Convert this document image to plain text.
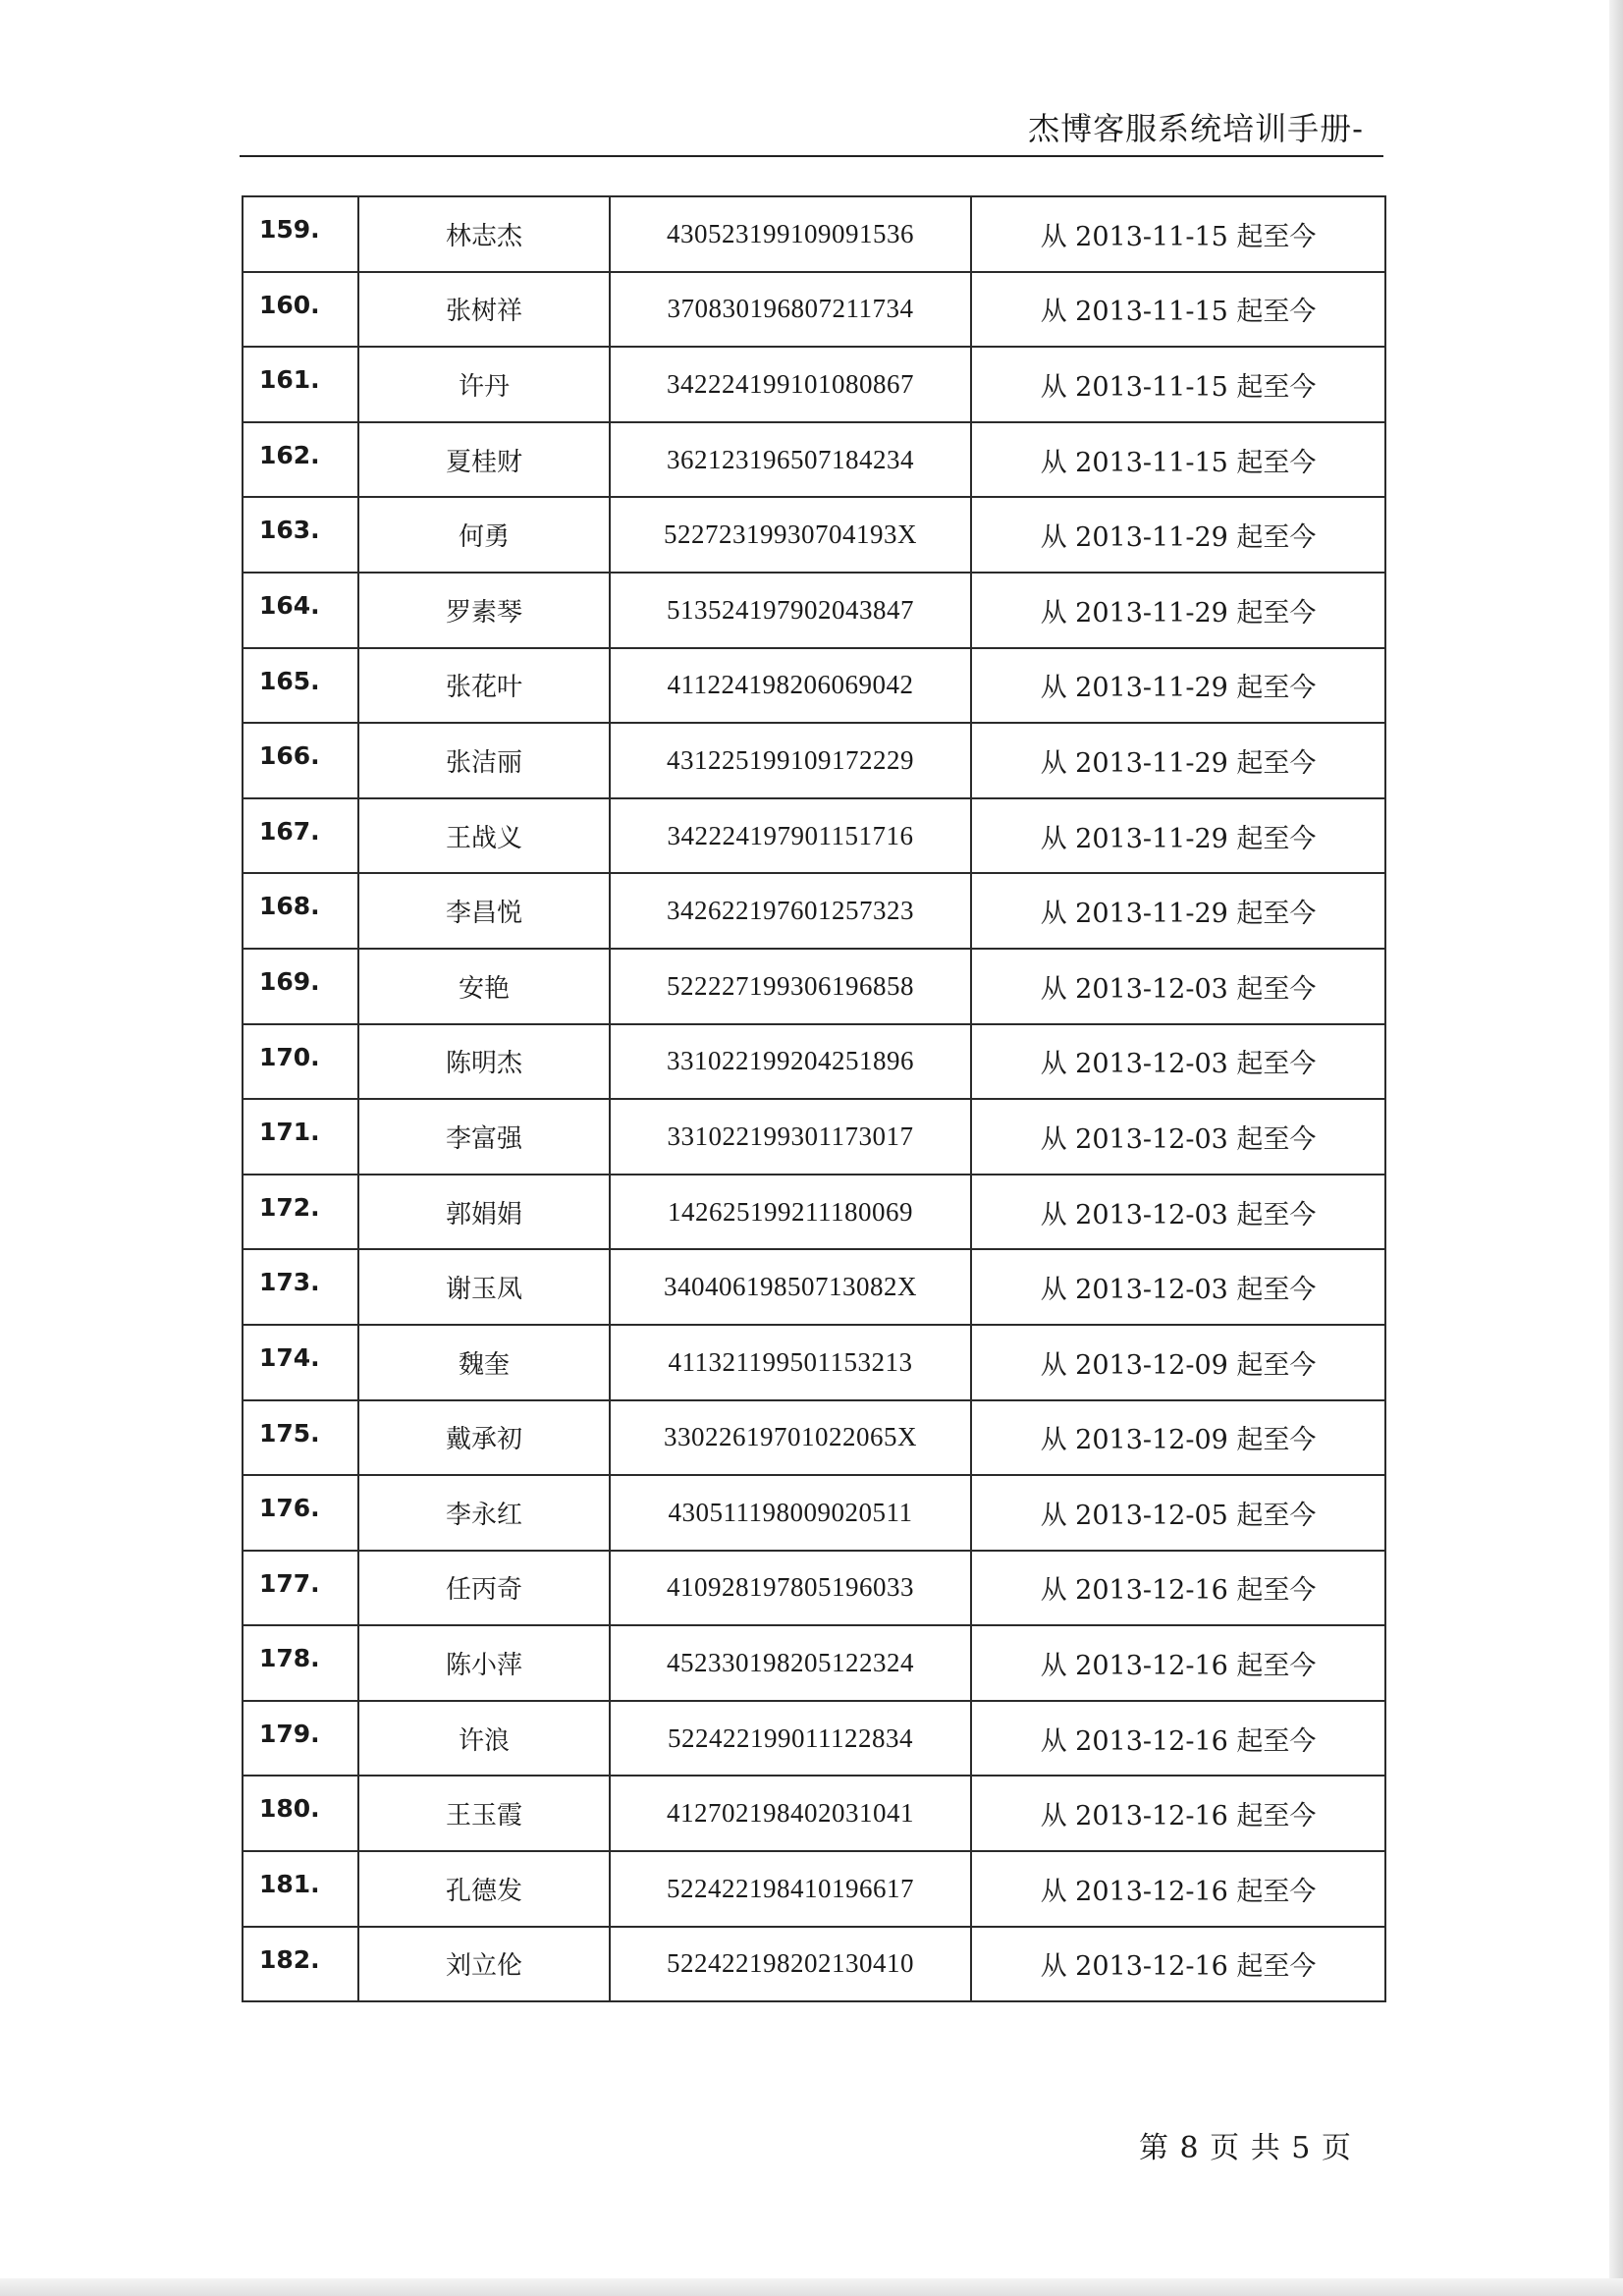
杰博客服系统培训手册-
159.	林志杰	430523199109091536	从 2013-11-15 起至今
160.	张树祥	370830196807211734	从 2013-11-15 起至今
161.	许丹	342224199101080867	从 2013-11-15 起至今
162.	夏桂财	362123196507184234	从 2013-11-15 起至今
163.	何勇	52272319930704193X	从 2013-11-29 起至今
164.	罗素琴	513524197902043847	从 2013-11-29 起至今
165.	张花叶	411224198206069042	从 2013-11-29 起至今
166.	张洁丽	431225199109172229	从 2013-11-29 起至今
167.	王战义	342224197901151716	从 2013-11-29 起至今
168.	李昌悦	342622197601257323	从 2013-11-29 起至今
169.	安艳	522227199306196858	从 2013-12-03 起至今
170.	陈明杰	331022199204251896	从 2013-12-03 起至今
171.	李富强	331022199301173017	从 2013-12-03 起至今
172.	郭娟娟	142625199211180069	从 2013-12-03 起至今
173.	谢玉凤	34040619850713082X	从 2013-12-03 起至今
174.	魏奎	411321199501153213	从 2013-12-09 起至今
175.	戴承初	33022619701022065X	从 2013-12-09 起至今
176.	李永红	430511198009020511	从 2013-12-05 起至今
177.	任丙奇	410928197805196033	从 2013-12-16 起至今
178.	陈小萍	452330198205122324	从 2013-12-16 起至今
179.	许浪	522422199011122834	从 2013-12-16 起至今
180.	王玉霞	412702198402031041	从 2013-12-16 起至今
181.	孔德发	522422198410196617	从 2013-12-16 起至今
182.	刘立伦	522422198202130410	从 2013-12-16 起至今
第 8 页 共 5 页
